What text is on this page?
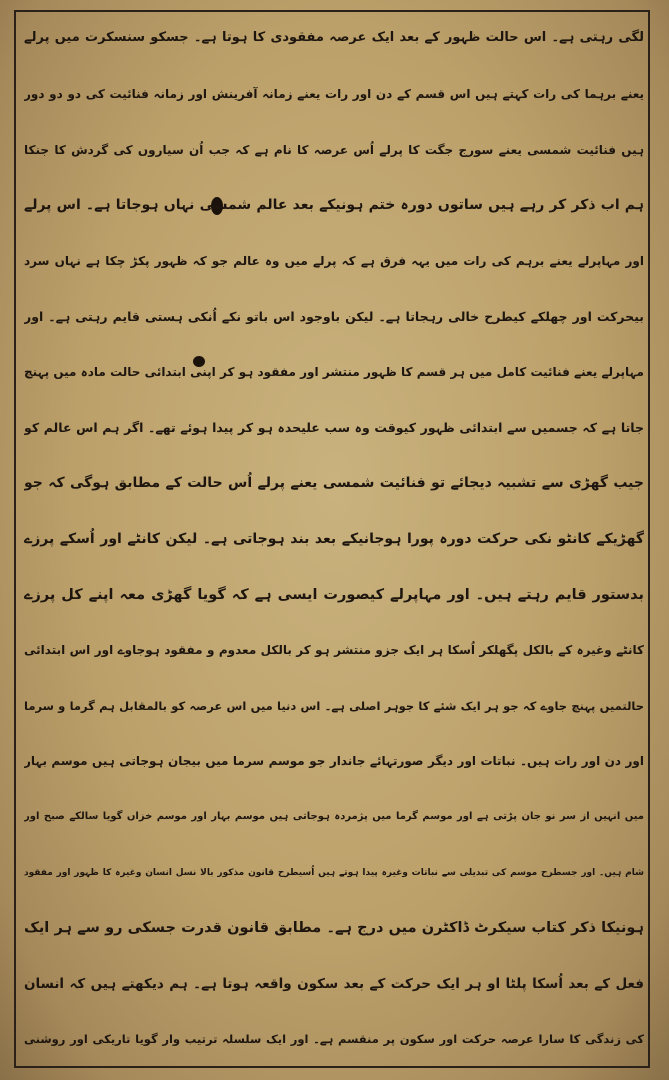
لگی رہتی ہے۔ اس حالت ظہور کے بعد ایک عرصہ مفقودی کا ہوتا ہے۔ جسکو سنسکرت میں پرلے
یعنے برہما کی رات کہتے ہیں اس قسم کے دن اور رات یعنے زمانہ آفرینش اور زمانہ فنائیت کی دو دو دور
ہیں فنائیت شمسی یعنے سورج جگت کا پرلے اُس عرصہ کا نام ہے کہ جب اُن سیاروں کی گردش کا جنکا
ہم اب ذکر کر رہے ہیں ساتوں دورہ ختم ہونیکے بعد عالم شمسی نہاں ہوجاتا ہے۔ اس پرلے
اور مہاپرلے یعنے برہم کی رات میں یہہ فرق ہے کہ پرلے میں وہ عالم جو کہ ظہور پکڑ چکا ہے نہاں سرد
بیحرکت اور چھلکے کیطرح خالی رہجاتا ہے۔ لیکن باوجود اس باتو نکے اُنکی ہستی قایم رہتی ہے۔ اور
مہاپرلے یعنے فنائیت کامل میں ہر قسم کا ظہور منتشر اور مفقود ہو کر اپنی ابتدائی حالت مادہ میں پہنچ
جاتا ہے کہ جسمیں سے ابتدائی ظہور کیوقت وہ سب علیحدہ ہو کر پیدا ہوئے تھے۔ اگر ہم اس عالم کو
جیب گھڑی سے تشبیہ دیجائے تو فنائیت شمسی یعنے پرلے اُس حالت کے مطابق ہوگی کہ جو
گھڑیکے کانٹو نکی حرکت دورہ پورا ہوجانیکے بعد بند ہوجاتی ہے۔ لیکن کانٹے اور اُسکے پرزے
بدستور قایم رہتے ہیں۔ اور مہاپرلے کیصورت ایسی ہے کہ گویا گھڑی معہ اپنے کل پرزے
کانٹے وغیرہ کے بالکل پگھلکر اُسکا ہر ایک جزو منتشر ہو کر بالکل معدوم و مفقود ہوجاوے اور اس ابتدائی
حالتمیں پہنچ جاوے کہ جو ہر ایک شئے کا جوہر اصلی ہے۔ اس دنیا میں اس عرصہ کو بالمقابل ہم گرما و سرما
اور دن اور رات ہیں۔ نباتات اور دیگر صورتہائے جاندار جو موسم سرما میں بیجان ہوجاتی ہیں موسم بہار
میں انہیں از سر نو جان پڑتی ہے اور موسم گرما میں پژمردہ ہوجاتی ہیں موسم بہار اور موسم خزاں گویا سالکے صبح اور
شام ہیں۔ اور جسطرح موسم کی تبدیلی سے نباتات وغیرہ پیدا ہوتے ہیں اُسیطرح قانون مذکور بالا نسل انسان وغیرہ کا ظہور اور مفقود
ہونیکا ذکر کتاب سیکرٹ ڈاکٹرن میں درج ہے۔ مطابق قانون قدرت جسکی رو سے ہر ایک
فعل کے بعد اُسکا پلٹا او ہر ایک حرکت کے بعد سکون واقعہ ہوتا ہے۔ ہم دیکھتے ہیں کہ انسان
کی زندگی کا سارا عرصہ حرکت اور سکون پر منقسم ہے۔ اور ایک سلسلہ ترتیب وار گویا تاریکی اور روشنی
